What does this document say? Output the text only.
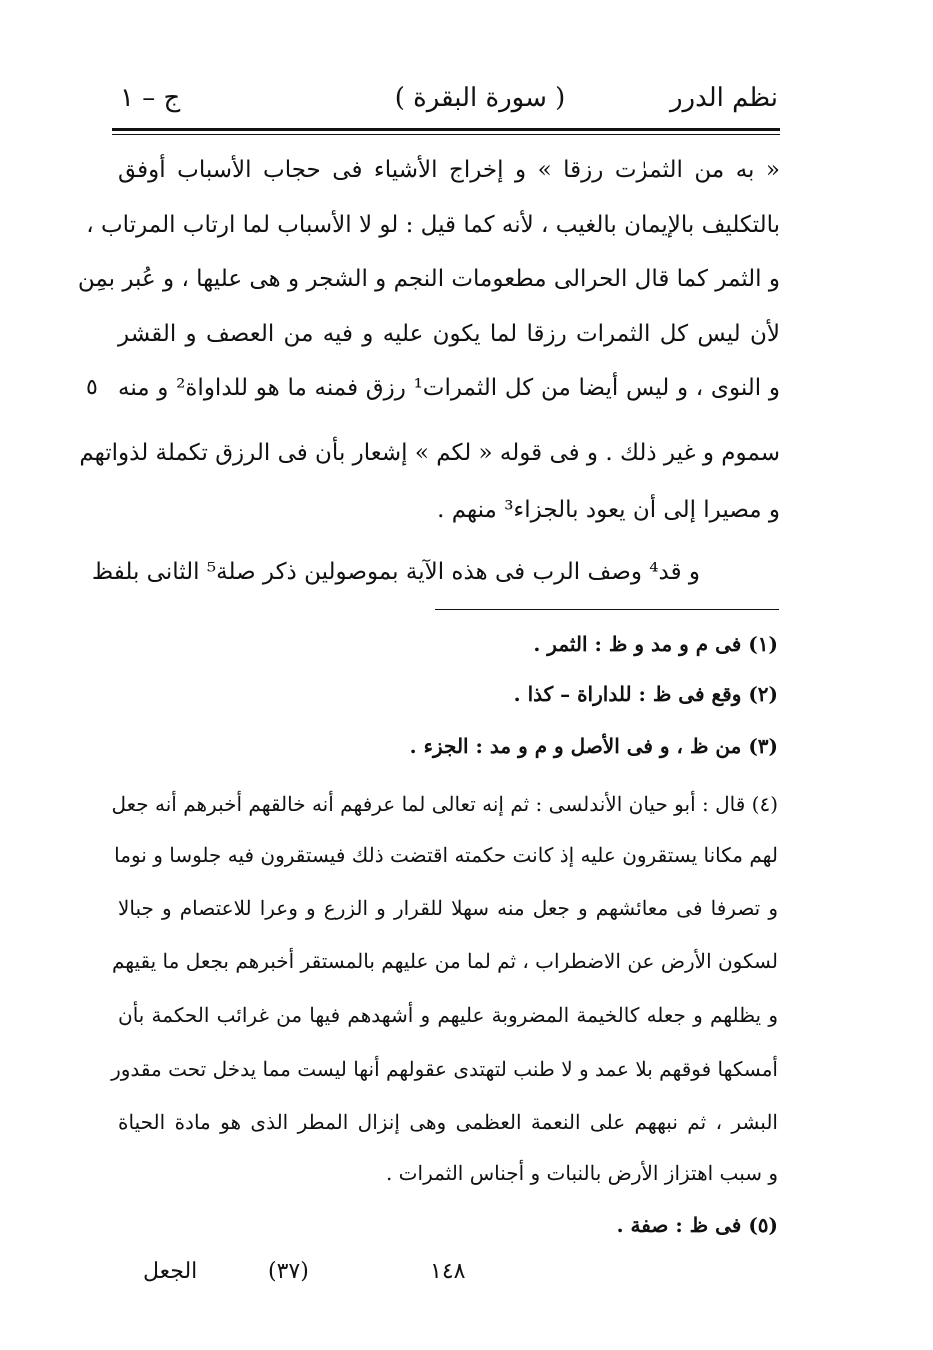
نظم الدرر
( سورة البقرة )
ج – ١
« به من الثمرٰت رزقا » و إخراج الأشياء فى حجاب الأسباب أوفق
بالتكليف بالإيمان بالغيب ، لأنه كما قيل : لو لا الأسباب لما ارتاب المرتاب ،
و الثمر كما قال الحرالى مطعومات النجم و الشجر و هى عليها ، و عُبر بمِن
لأن ليس كل الثمرات رزقا لما يكون عليه و فيه من العصف و القشر
و النوى ، و ليس أيضا من كل الثمرات¹ رزق فمنه ما هو للداواة² و منه
٥
سموم و غير ذلك . و فى قوله « لكم » إشعار بأن فى الرزق تكملة لذواتهم
و مصيرا إلى أن يعود بالجزاء³ منهم .
و قد⁴ وصف الرب فى هذه الآية بموصولين ذكر صلة⁵ الثانى بلفظ
(١) فى م و مد و ظ : الثمر .
(٢) وقع فى ظ : للداراة – كذا .
(٣) من ظ ، و فى الأصل و م و مد : الجزء .
(٤) قال : أبو حيان الأندلسى : ثم إنه تعالى لما عرفهم أنه خالقهم أخبرهم أنه جعل
لهم مكانا يستقرون عليه إذ كانت حكمته اقتضت ذلك فيستقرون فيه جلوسا و نوما
و تصرفا فى معائشهم و جعل منه سهلا للقرار و الزرع و وعرا للاعتصام و جبالا
لسكون الأرض عن الاضطراب ، ثم لما من عليهم بالمستقر أخبرهم بجعل ما يقيهم
و يظلهم و جعله كالخيمة المضروبة عليهم و أشهدهم فيها من غرائب الحكمة بأن
أمسكها فوقهم بلا عمد و لا طنب لتهتدى عقولهم أنها ليست مما يدخل تحت مقدور
البشر ، ثم نبههم على النعمة العظمى وهى إنزال المطر الذى هو مادة الحياة
و سبب اهتزاز الأرض بالنبات و أجناس الثمرات .
(٥) فى ظ : صفة .
١٤٨
(٣٧)
الجعل
